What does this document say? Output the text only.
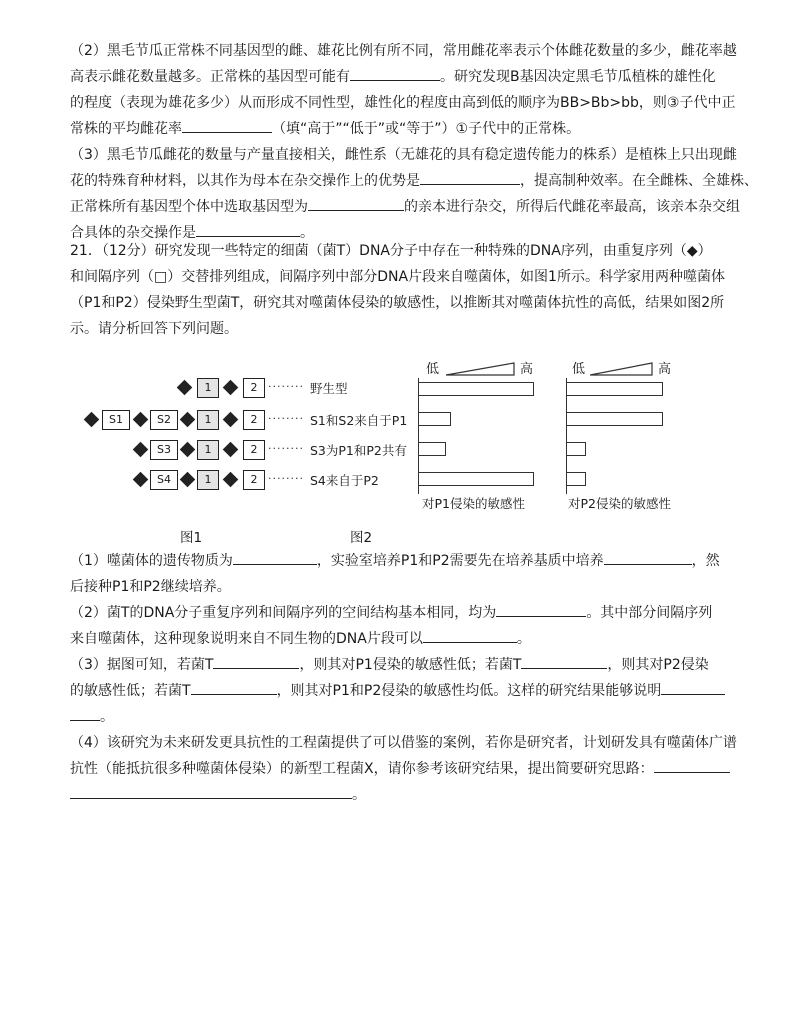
（2）黑毛节瓜正常株不同基因型的雌、雄花比例有所不同，常用雌花率表示个体雌花数量的多少，雌花率越
高表示雌花数量越多。正常株的基因型可能有	。研究发现B基因决定黑毛节瓜植株的雄性化
的程度（表现为雄花多少）从而形成不同性型，雄性化的程度由高到低的顺序为BB>Bb>bb，则③子代中正
常株的平均雌花率	（填“高于”“低于”或“等于”）①子代中的正常株。
（3）黑毛节瓜雌花的数量与产量直接相关，雌性系（无雄花的具有稳定遗传能力的株系）是植株上只出现雌
花的特殊育种材料，以其作为母本在杂交操作上的优势是	，提高制种效率。在全雌株、全雄株、
正常株所有基因型个体中选取基因型为	的亲本进行杂交，所得后代雌花率最高，该亲本杂交组
合具体的杂交操作是	。
21．（12分）研究发现一些特定的细菌（菌T）DNA分子中存在一种特殊的DNA序列，由重复序列（◆）
和间隔序列（□）交替排列组成，间隔序列中部分DNA片段来自噬菌体，如图1所示。科学家用两种噬菌体
（P1和P2）侵染野生型菌T，研究其对噬菌体侵染的敏感性，以推断其对噬菌体抗性的高低，结果如图2所
示。请分析回答下列问题。
1	2 ········ 野生型
S1	S2	1	2 ········ S1和S2来自于P1
S3	1	2 ········ S3为P1和P2共有
S4	1	2 ········ S4来自于P2
低	高
对P1侵染的敏感性
低	高
对P2侵染的敏感性
图1	图2
（1）噬菌体的遗传物质为	，实验室培养P1和P2需要先在培养基质中培养	，然
后接种P1和P2继续培养。
（2）菌T的DNA分子重复序列和间隔序列的空间结构基本相同，均为	。其中部分间隔序列
来自噬菌体，这种现象说明来自不同生物的DNA片段可以	。
（3）据图可知，若菌T	，则其对P1侵染的敏感性低；若菌T	，则其对P2侵染
的敏感性低；若菌T	，则其对P1和P2侵染的敏感性均低。这样的研究结果能够说明
。
（4）该研究为未来研发更具抗性的工程菌提供了可以借鉴的案例，若你是研究者，计划研发具有噬菌体广谱
抗性（能抵抗很多种噬菌体侵染）的新型工程菌X，请你参考该研究结果，提出简要研究思路：
。
